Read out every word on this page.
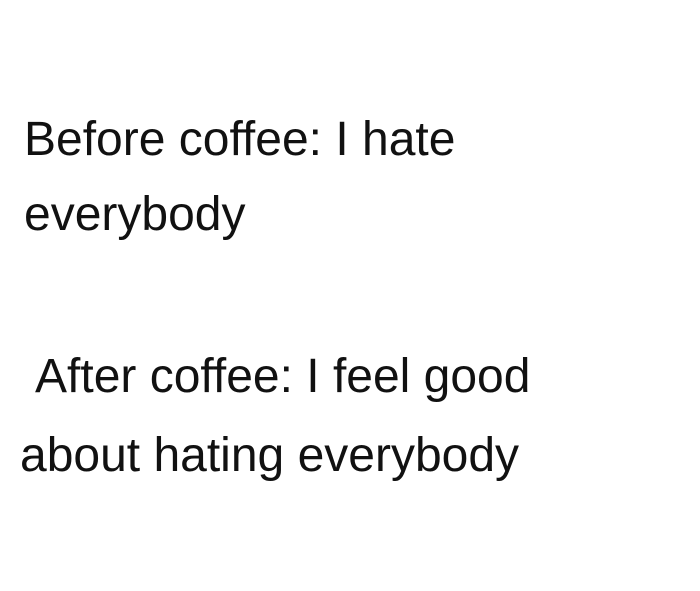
Before coffee: I hate
everybody
After coffee: I feel good
about hating everybody
